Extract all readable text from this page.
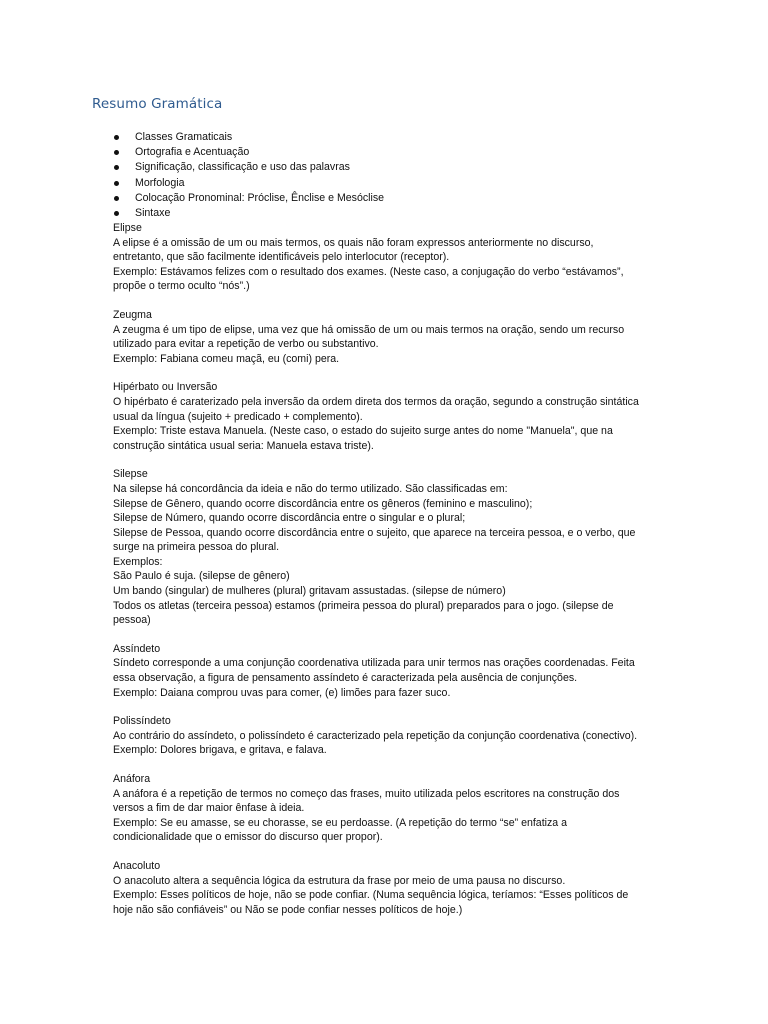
Resumo Gramática
Classes Gramaticais
Ortografia e Acentuação
Significação, classificação e uso das palavras
Morfologia
Colocação Pronominal: Próclise, Ênclise e Mesóclise
Sintaxe

Elipse

A elipse é a omissão de um ou mais termos, os quais não foram expressos anteriormente no discurso,

entretanto, que são facilmente identificáveis pelo interlocutor (receptor).

Exemplo: Estávamos felizes com o resultado dos exames. (Neste caso, a conjugação do verbo “estávamos”,

propõe o termo oculto “nós”.)

Zeugma

A zeugma é um tipo de elipse, uma vez que há omissão de um ou mais termos na oração, sendo um recurso

utilizado para evitar a repetição de verbo ou substantivo.

Exemplo: Fabiana comeu maçã, eu (comi) pera.

Hipérbato ou Inversão

O hipérbato é caraterizado pela inversão da ordem direta dos termos da oração, segundo a construção sintática

usual da língua (sujeito + predicado + complemento).

Exemplo: Triste estava Manuela. (Neste caso, o estado do sujeito surge antes do nome "Manuela", que na

construção sintática usual seria: Manuela estava triste).

Silepse

Na silepse há concordância da ideia e não do termo utilizado. São classificadas em:

Silepse de Gênero, quando ocorre discordância entre os gêneros (feminino e masculino);

Silepse de Número, quando ocorre discordância entre o singular e o plural;

Silepse de Pessoa, quando ocorre discordância entre o sujeito, que aparece na terceira pessoa, e o verbo, que

surge na primeira pessoa do plural.

Exemplos:

São Paulo é suja. (silepse de gênero)

Um bando (singular) de mulheres (plural) gritavam assustadas. (silepse de número)

Todos os atletas (terceira pessoa) estamos (primeira pessoa do plural) preparados para o jogo. (silepse de

pessoa)

Assíndeto

Síndeto corresponde a uma conjunção coordenativa utilizada para unir termos nas orações coordenadas. Feita

essa observação, a figura de pensamento assíndeto é caracterizada pela ausência de conjunções.

Exemplo: Daiana comprou uvas para comer, (e) limões para fazer suco.

Polissíndeto

Ao contrário do assíndeto, o polissíndeto é caracterizado pela repetição da conjunção coordenativa (conectivo).

Exemplo: Dolores brigava, e gritava, e falava.

Anáfora

A anáfora é a repetição de termos no começo das frases, muito utilizada pelos escritores na construção dos

versos a fim de dar maior ênfase à ideia.

Exemplo: Se eu amasse, se eu chorasse, se eu perdoasse. (A repetição do termo “se” enfatiza a

condicionalidade que o emissor do discurso quer propor).

Anacoluto

O anacoluto altera a sequência lógica da estrutura da frase por meio de uma pausa no discurso.

Exemplo: Esses políticos de hoje, não se pode confiar. (Numa sequência lógica, teríamos: “Esses políticos de

hoje não são confiáveis” ou Não se pode confiar nesses políticos de hoje.)
